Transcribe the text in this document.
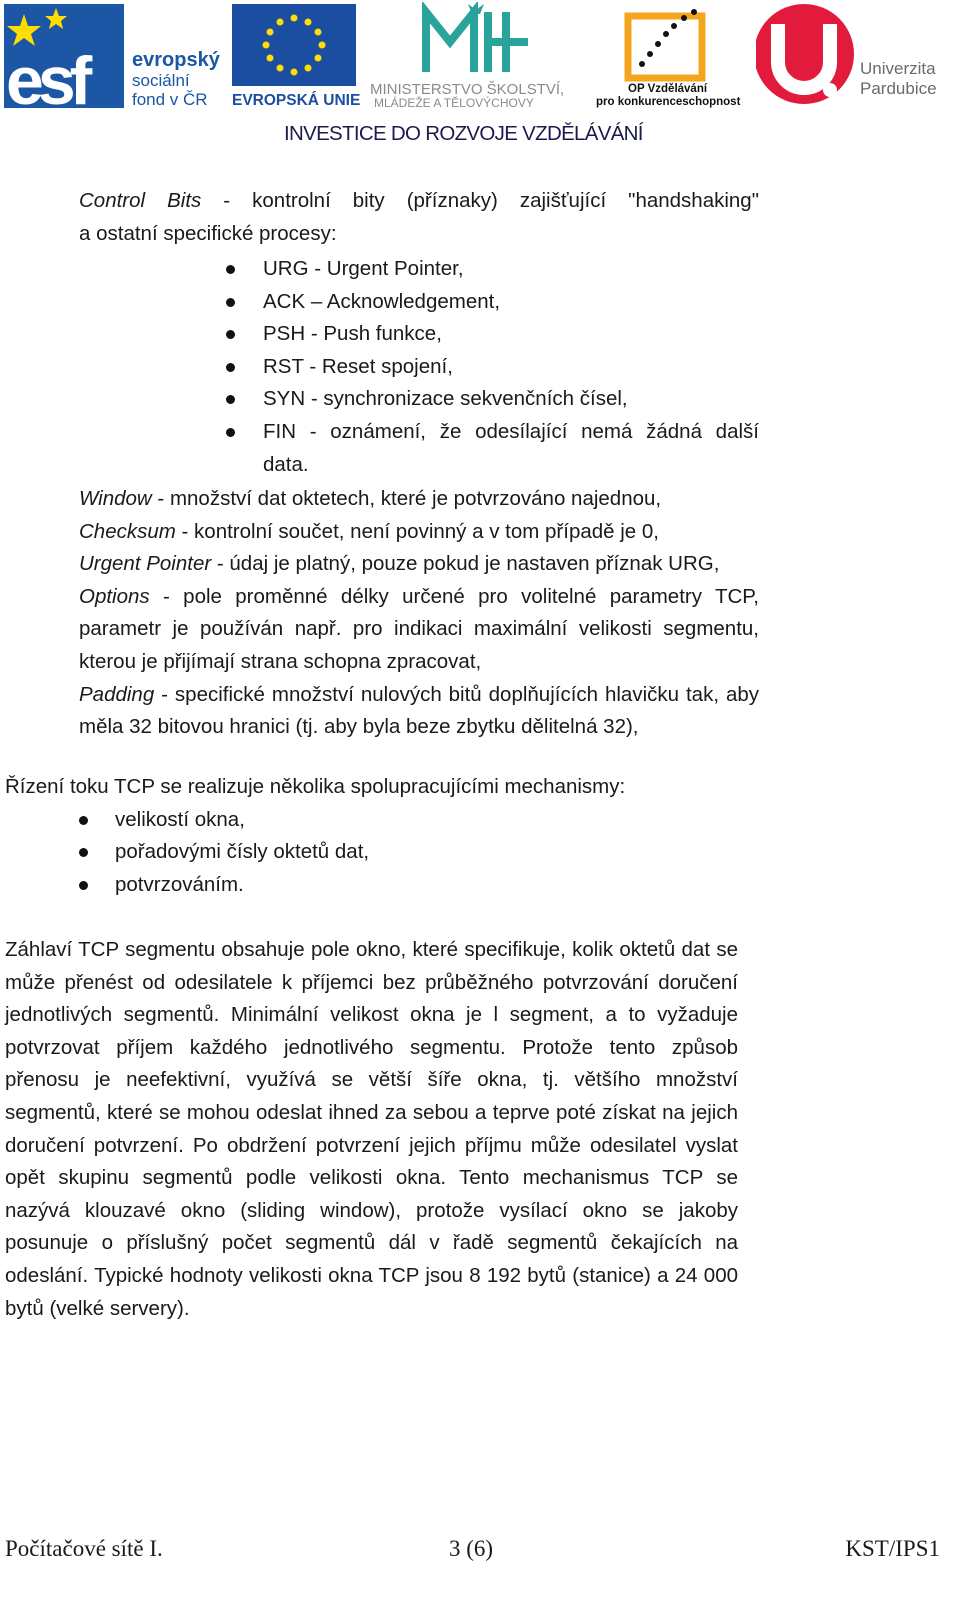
esf	evropský
sociální
fond v ČR EVROPSKÁ UNIE
MINISTERSTVO ŠKOLSTVÍ,
MLÁDEŽE A TĚLOVÝCHOVY
OP Vzdělávání
pro konkurenceschopnost
Univerzita
Pardubice
INVESTICE DO ROZVOJE VZDĚLÁVÁNÍ

Control Bits - kontrolní bity (příznaky) zajišťující "handshaking"

a ostatní specifické procesy:

URG - Urgent Pointer,
ACK – Acknowledgement,
PSH - Push funkce,
RST - Reset spojení,
SYN - synchronizace sekvenčních čísel,
FIN - oznámení, že odesílající nemá žádná další
data.

Window - množství dat oktetech, které je potvrzováno najednou,

Checksum - kontrolní součet, není povinný a v tom případě je 0,

Urgent Pointer - údaj je platný, pouze pokud je nastaven příznak URG,

Options - pole proměnné délky určené pro volitelné parametry TCP, parametr je používán např. pro indikaci maximální velikosti segmentu, kterou je přijímají strana schopna zpracovat,

Padding - specifické množství nulových bitů doplňujících hlavičku tak, aby měla 32 bitovou hranici (tj. aby byla beze zbytku dělitelná 32),

Řízení toku TCP se realizuje několika spolupracujícími mechanismy:

velikostí okna,
pořadovými čísly oktetů dat,
potvrzováním.

Záhlaví TCP segmentu obsahuje pole okno, které specifikuje, kolik oktetů dat se může přenést od odesilatele k příjemci bez průběžného potvrzování doručení jednotlivých segmentů. Minimální velikost okna je l segment, a to vyžaduje potvrzovat příjem každého jednotlivého segmentu. Protože tento způsob přenosu je neefektivní, využívá se větší šíře okna, tj. většího množství segmentů, které se mohou odeslat ihned za sebou a teprve poté získat na jejich doručení potvrzení. Po obdržení potvrzení jejich příjmu může odesilatel vyslat opět skupinu segmentů podle velikosti okna. Tento mechanismus TCP se nazývá klouzavé okno (sliding window), protože vysílací okno se jakoby posunuje o příslušný počet segmentů dál v řadě segmentů čekajících na odeslání. Typické hodnoty velikosti okna TCP jsou 8 192 bytů (stanice) a 24 000 bytů (velké servery).

Počítačové sítě I.	3 (6)	KST/IPS1
